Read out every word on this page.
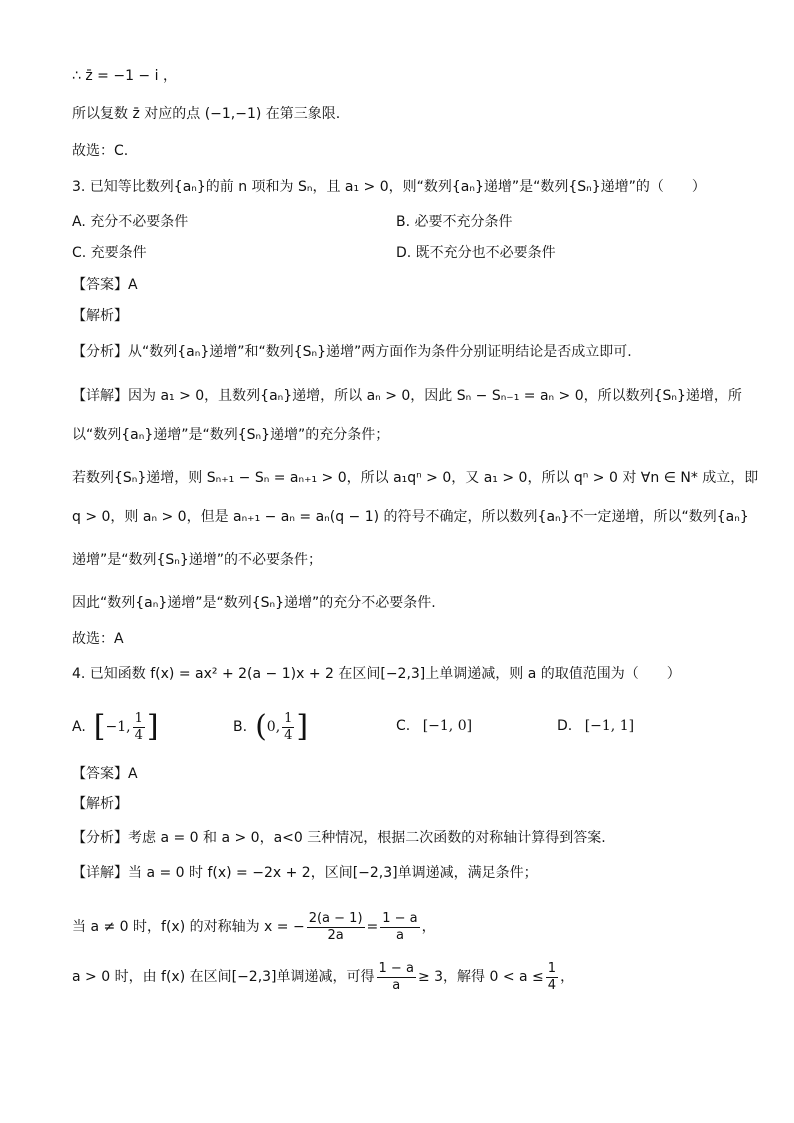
∴ z̄ = −1 − i ，
所以复数 z̄ 对应的点 (−1,−1) 在第三象限.
故选：C.
3. 已知等比数列{aₙ}的前 n 项和为 Sₙ，且 a₁ > 0，则“数列{aₙ}递增”是“数列{Sₙ}递增”的（　　）
A. 充分不必要条件	B. 必要不充分条件
C. 充要条件	D. 既不充分也不必要条件
【答案】A
【解析】
【分析】从“数列{aₙ}递增”和“数列{Sₙ}递增”两方面作为条件分别证明结论是否成立即可.
【详解】因为 a₁ > 0，且数列{aₙ}递增，所以 aₙ > 0，因此 Sₙ − Sₙ₋₁ = aₙ > 0，所以数列{Sₙ}递增，所
以“数列{aₙ}递增”是“数列{Sₙ}递增”的充分条件；
若数列{Sₙ}递增，则 Sₙ₊₁ − Sₙ = aₙ₊₁ > 0，所以 a₁qⁿ > 0，又 a₁ > 0，所以 qⁿ > 0 对 ∀n ∈ N* 成立，即
q > 0，则 aₙ > 0，但是 aₙ₊₁ − aₙ = aₙ(q − 1) 的符号不确定，所以数列{aₙ}不一定递增，所以“数列{aₙ}
递增”是“数列{Sₙ}递增”的不必要条件；
因此“数列{aₙ}递增”是“数列{Sₙ}递增”的充分不必要条件.
故选：A
4. 已知函数 f(x) = ax² + 2(a − 1)x + 2 在区间[−2,3]上单调递减，则 a 的取值范围为（　　）
A. [ −1, $\frac{1}{4}$ ]	B. ( 0, $\frac{1}{4}$ ]	C. [−1, 0]	D. [−1, 1]
【答案】A
【解析】
【分析】考虑 a = 0 和 a > 0，a<0 三种情况，根据二次函数的对称轴计算得到答案.
【详解】当 a = 0 时 f(x) = −2x + 2，区间[−2,3]单调递减，满足条件；
当 a ≠ 0 时，f(x) 的对称轴为 x = − $\frac{2(a - 1)}{2a} = \frac{1 - a}{a}$ ，
a > 0 时，由 f(x) 在区间[−2,3]单调递减，可得 $\frac{1 - a}{a} \ge 3$，解得 $0 < a \le \frac{1}{4}$ ，
